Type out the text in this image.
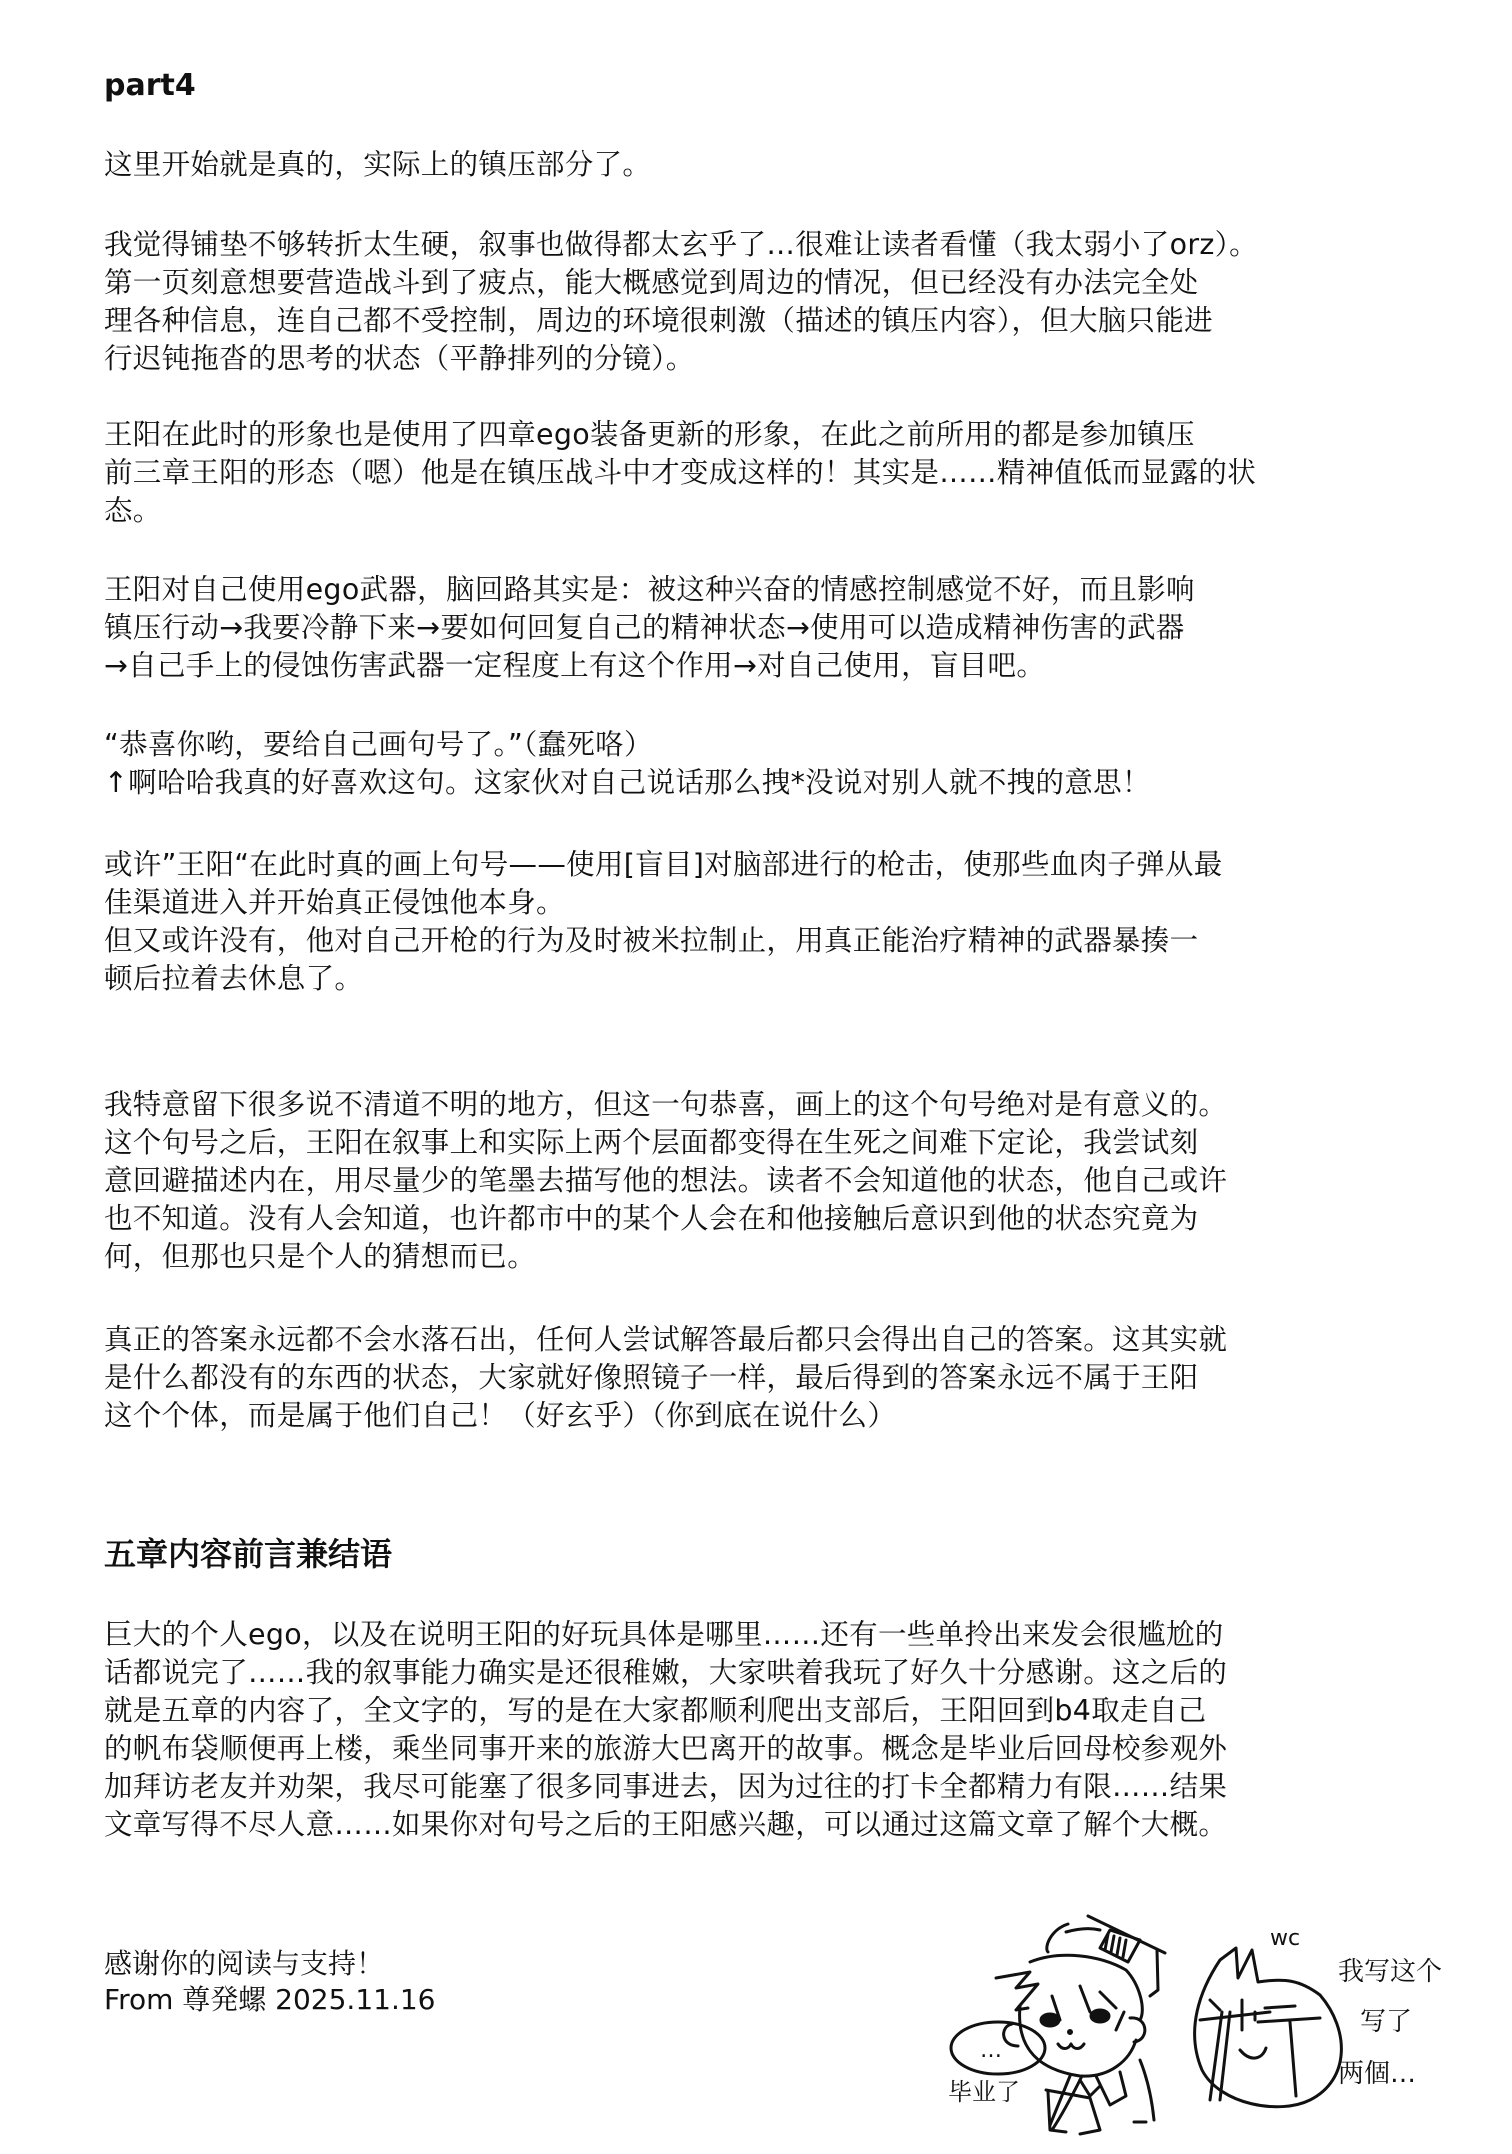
part4

这里开始就是真的，实际上的镇压部分了。

我觉得铺垫不够转折太生硬，叙事也做得都太玄乎了…很难让读者看懂（我太弱小了orz）。
第一页刻意想要营造战斗到了疲点，能大概感觉到周边的情况，但已经没有办法完全处
理各种信息，连自己都不受控制，周边的环境很刺激（描述的镇压内容），但大脑只能进
行迟钝拖沓的思考的状态（平静排列的分镜）。

王阳在此时的形象也是使用了四章ego装备更新的形象，在此之前所用的都是参加镇压
前三章王阳的形态（嗯）他是在镇压战斗中才变成这样的！其实是……精神值低而显露的状
态。

王阳对自己使用ego武器，脑回路其实是：被这种兴奋的情感控制感觉不好，而且影响
镇压行动→我要冷静下来→要如何回复自己的精神状态→使用可以造成精神伤害的武器
→自己手上的侵蚀伤害武器一定程度上有这个作用→对自己使用，盲目吧。

“恭喜你哟，要给自己画句号了。”（蠢死咯）
↑啊哈哈我真的好喜欢这句。这家伙对自己说话那么拽*没说对别人就不拽的意思！

或许”王阳“在此时真的画上句号——使用[盲目]对脑部进行的枪击，使那些血肉子弹从最
佳渠道进入并开始真正侵蚀他本身。
但又或许没有，他对自己开枪的行为及时被米拉制止，用真正能治疗精神的武器暴揍一
顿后拉着去休息了。

我特意留下很多说不清道不明的地方，但这一句恭喜，画上的这个句号绝对是有意义的。
这个句号之后，王阳在叙事上和实际上两个层面都变得在生死之间难下定论，我尝试刻
意回避描述内在，用尽量少的笔墨去描写他的想法。读者不会知道他的状态，他自己或许
也不知道。没有人会知道，也许都市中的某个人会在和他接触后意识到他的状态究竟为
何，但那也只是个人的猜想而已。

真正的答案永远都不会水落石出，任何人尝试解答最后都只会得出自己的答案。这其实就
是什么都没有的东西的状态，大家就好像照镜子一样，最后得到的答案永远不属于王阳
这个个体，而是属于他们自己！（好玄乎）（你到底在说什么）

五章内容前言兼结语

巨大的个人ego，以及在说明王阳的好玩具体是哪里……还有一些单拎出来发会很尴尬的
话都说完了……我的叙事能力确实是还很稚嫩，大家哄着我玩了好久十分感谢。这之后的
就是五章的内容了，全文字的，写的是在大家都顺利爬出支部后，王阳回到b4取走自己
的帆布袋顺便再上楼，乘坐同事开来的旅游大巴离开的故事。概念是毕业后回母校参观外
加拜访老友并劝架，我尽可能塞了很多同事进去，因为过往的打卡全都精力有限……结果
文章写得不尽人意……如果你对句号之后的王阳感兴趣，可以通过这篇文章了解个大概。

感谢你的阅读与支持！
From 尊発螺 2025.11.16
…
毕业了
wc
我写这个
写了
两個…
